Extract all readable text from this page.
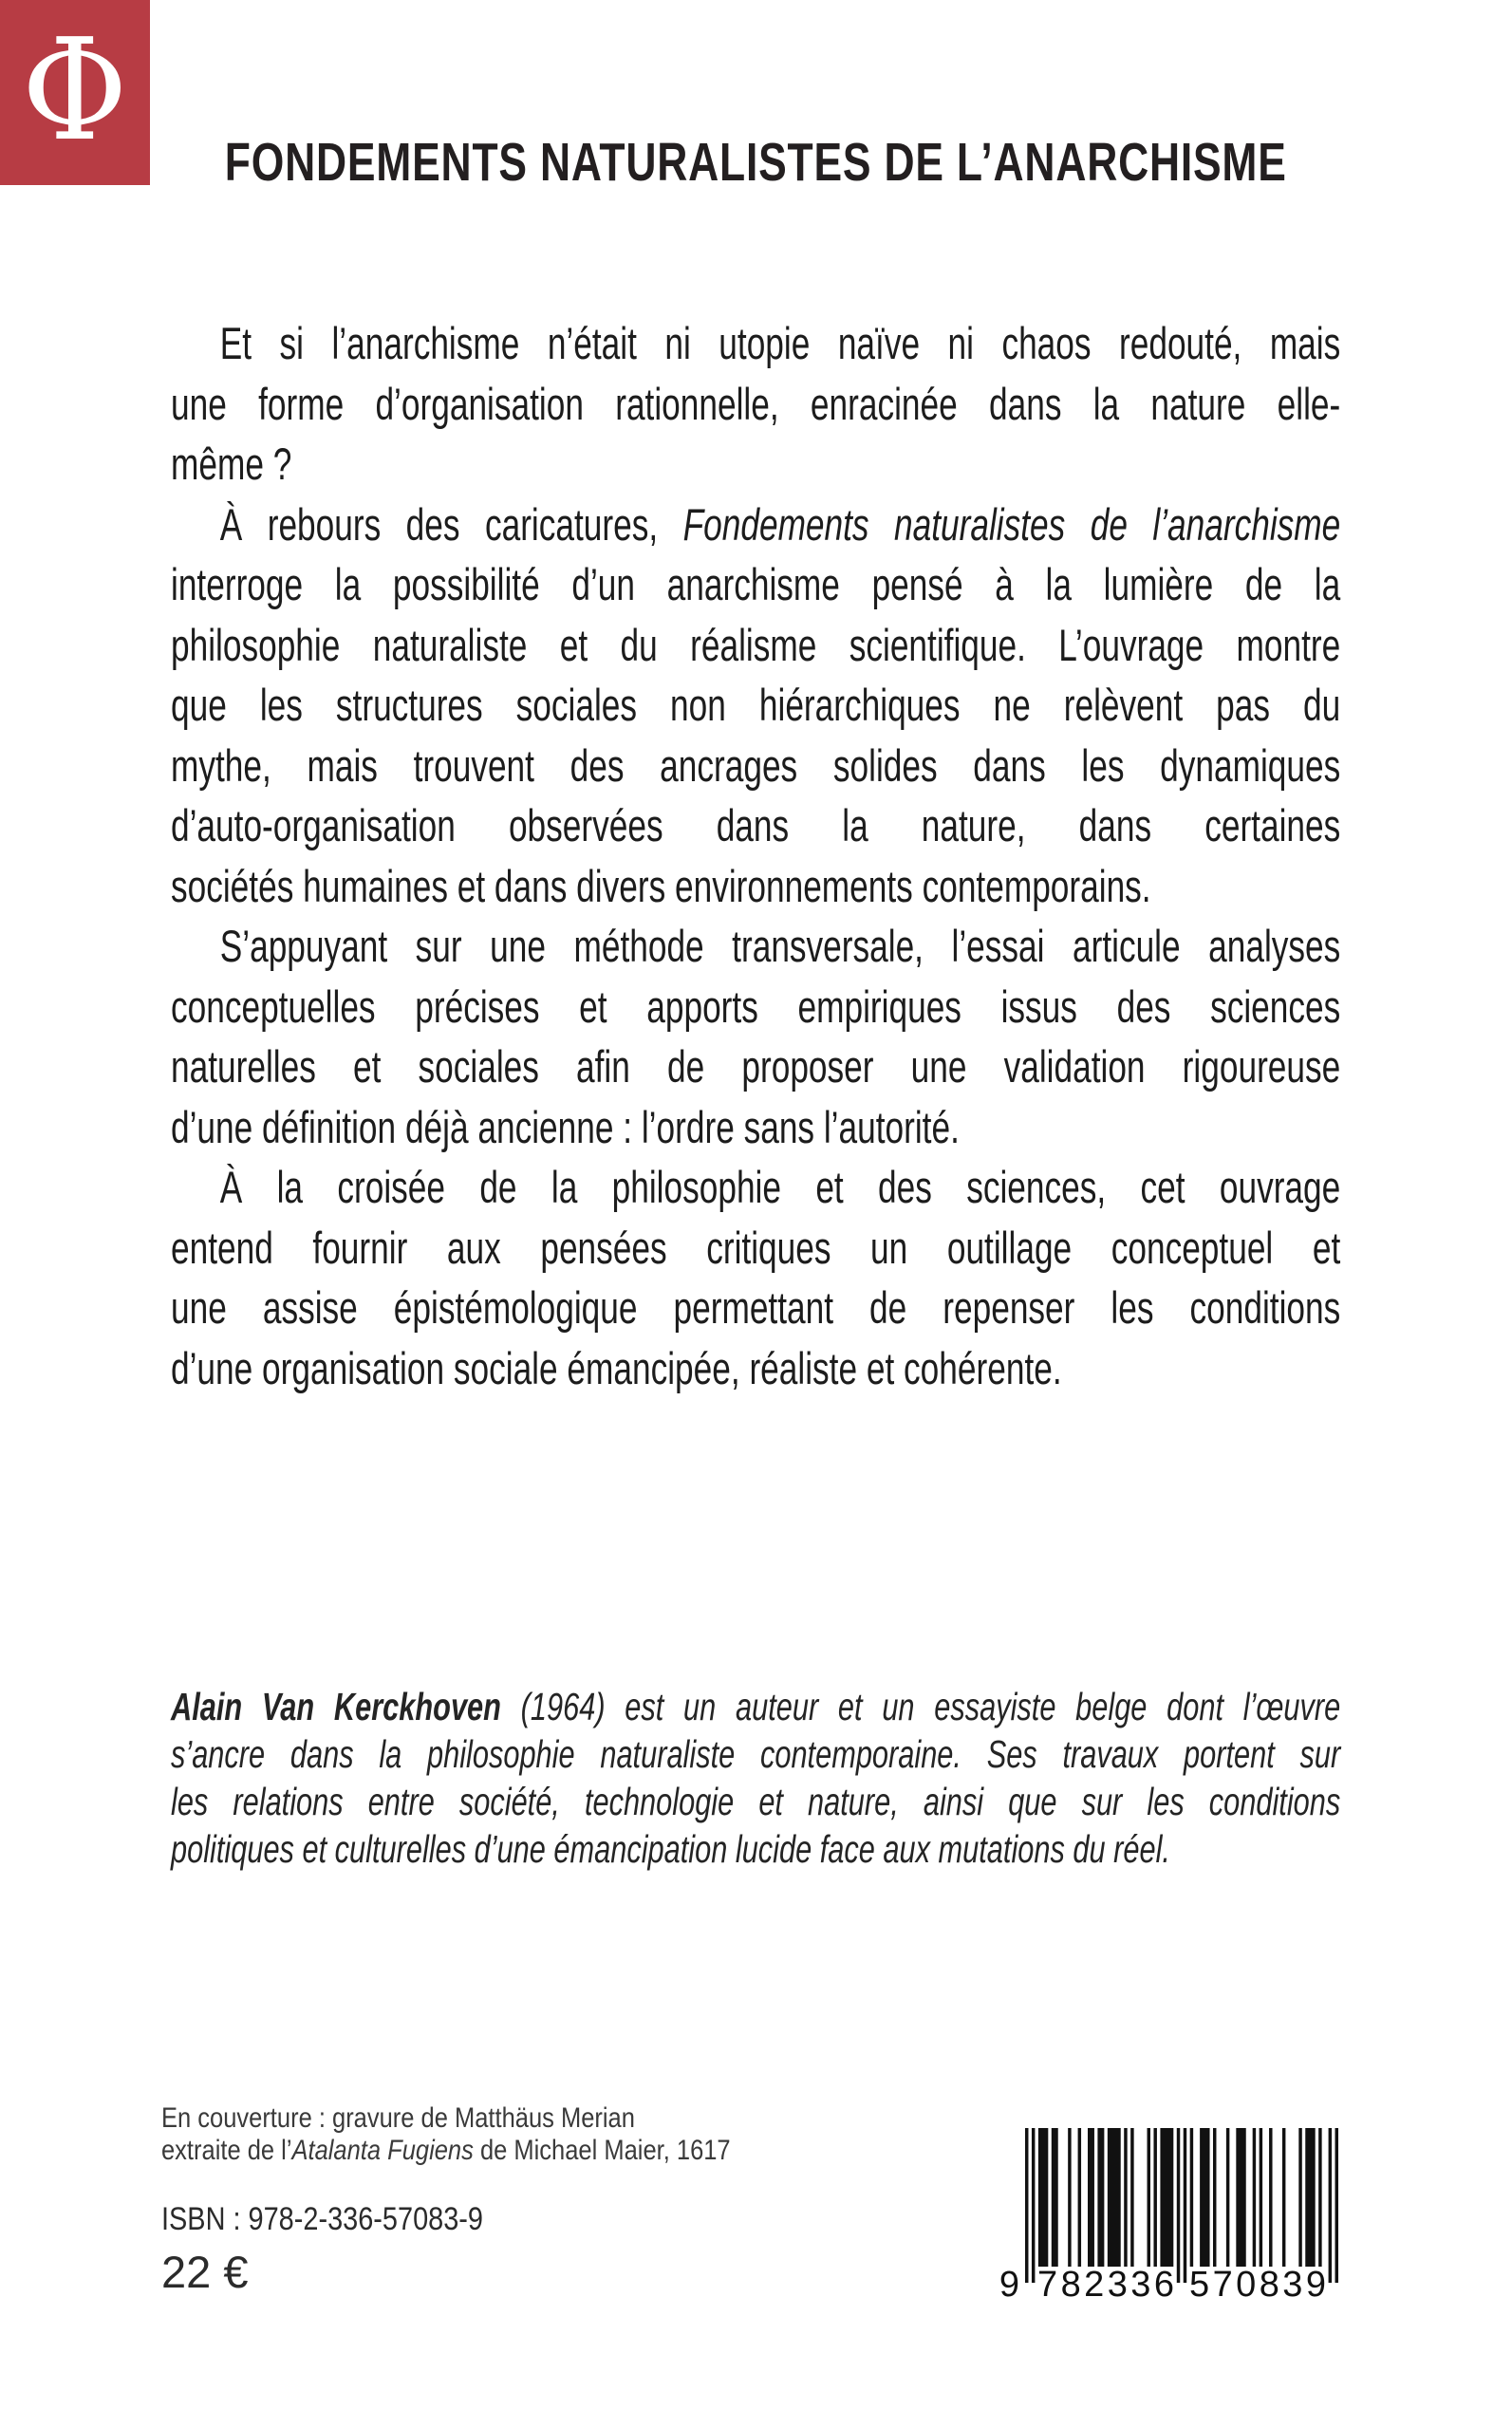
Φ	FONDEMENTS NATURALISTES DE L’ANARCHISME
Et si l’anarchisme n’était ni utopie naïve ni chaos redouté, mais
une forme d’organisation rationnelle, enracinée dans la nature elle-
même ?
À rebours des caricatures, Fondements naturalistes de l’anarchisme
interroge la possibilité d’un anarchisme pensé à la lumière de la
philosophie naturaliste et du réalisme scientifique. L’ouvrage montre
que les structures sociales non hiérarchiques ne relèvent pas du
mythe, mais trouvent des ancrages solides dans les dynamiques
d’auto-organisation observées dans la nature, dans certaines
sociétés humaines et dans divers environnements contemporains.
S’appuyant sur une méthode transversale, l’essai articule analyses
conceptuelles précises et apports empiriques issus des sciences
naturelles et sociales afin de proposer une validation rigoureuse
d’une définition déjà ancienne : l’ordre sans l’autorité.
À la croisée de la philosophie et des sciences, cet ouvrage
entend fournir aux pensées critiques un outillage conceptuel et
une assise épistémologique permettant de repenser les conditions
d’une organisation sociale émancipée, réaliste et cohérente.
Alain Van Kerckhoven (1964) est un auteur et un essayiste belge dont l’œuvre
s’ancre dans la philosophie naturaliste contemporaine. Ses travaux portent sur
les relations entre société, technologie et nature, ainsi que sur les conditions
politiques et culturelles d’une émancipation lucide face aux mutations du réel.
En couverture : gravure de Matthäus Merian
extraite de l’Atalanta Fugiens de Michael Maier, 1617
ISBN : 978-2-336-57083-9
22 €	9 7 8 2 3 3 6 5 7 0 8 3 9
